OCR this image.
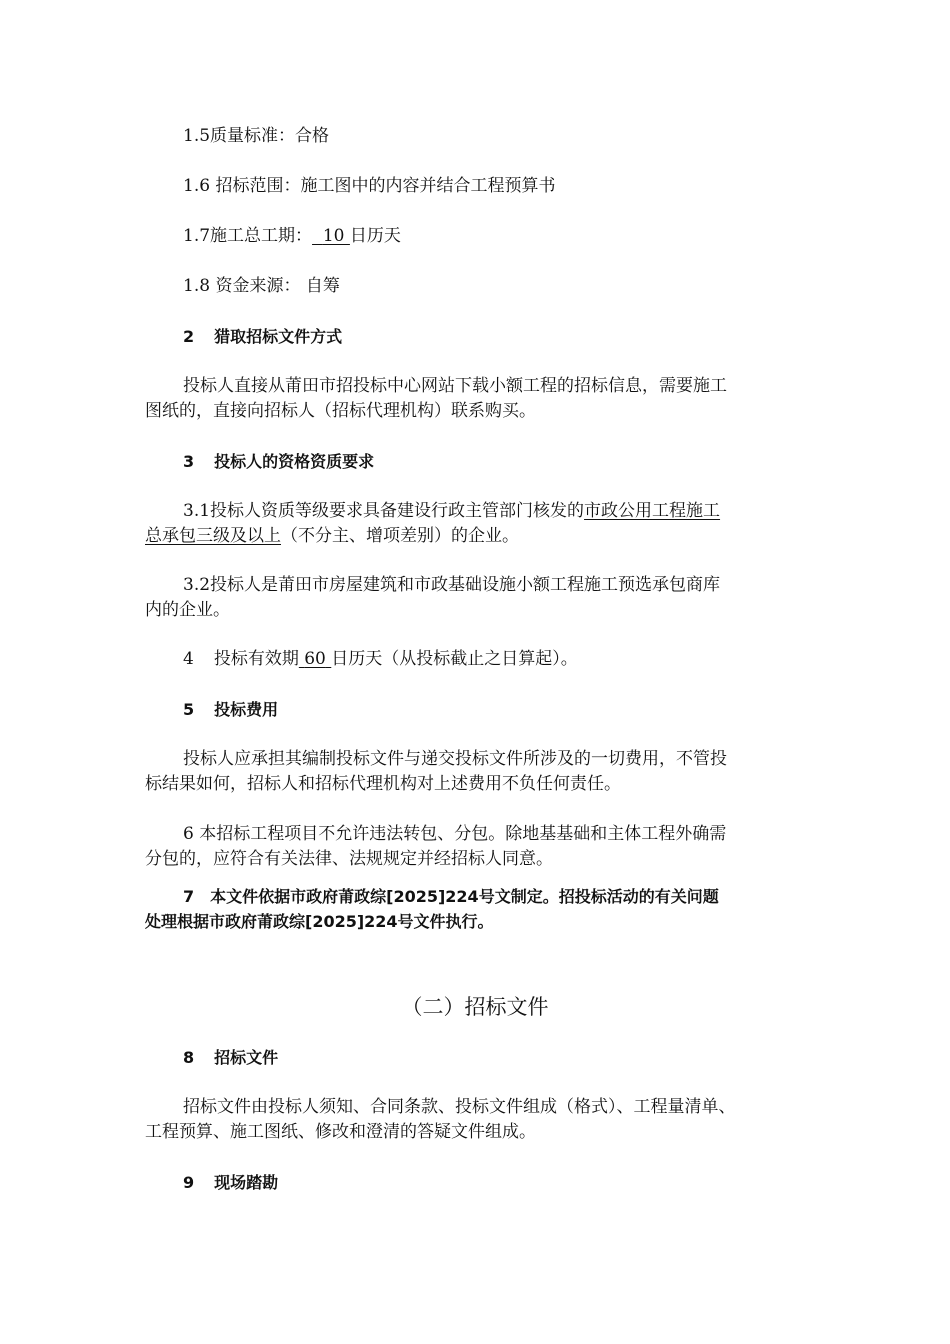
1.5质量标准：合格

1.6 招标范围：施工图中的内容并结合工程预算书

1.7施工总工期： 10 日历天

1.8 资金来源： 自筹

2 猎取招标文件方式

投标人直接从莆田市招投标中心网站下载小额工程的招标信息，需要施工
图纸的，直接向招标人（招标代理机构）联系购买。

3 投标人的资格资质要求

3.1投标人资质等级要求具备建设行政主管部门核发的市政公用工程施工
总承包三级及以上（不分主、增项差别）的企业。

3.2投标人是莆田市房屋建筑和市政基础设施小额工程施工预选承包商库
内的企业。

4 投标有效期 60 日历天（从投标截止之日算起）。

5 投标费用

投标人应承担其编制投标文件与递交投标文件所涉及的一切费用，不管投
标结果如何，招标人和招标代理机构对上述费用不负任何责任。

6 本招标工程项目不允许违法转包、分包。除地基基础和主体工程外确需
分包的，应符合有关法律、法规规定并经招标人同意。

7　本文件依据市政府莆政综[2025]224号文制定。招投标活动的有关问题
处理根据市政府莆政综[2025]224号文件执行。

（二）招标文件

8 招标文件

招标文件由投标人须知、合同条款、投标文件组成（格式）、工程量清单、
工程预算、施工图纸、修改和澄清的答疑文件组成。

9 现场踏勘
